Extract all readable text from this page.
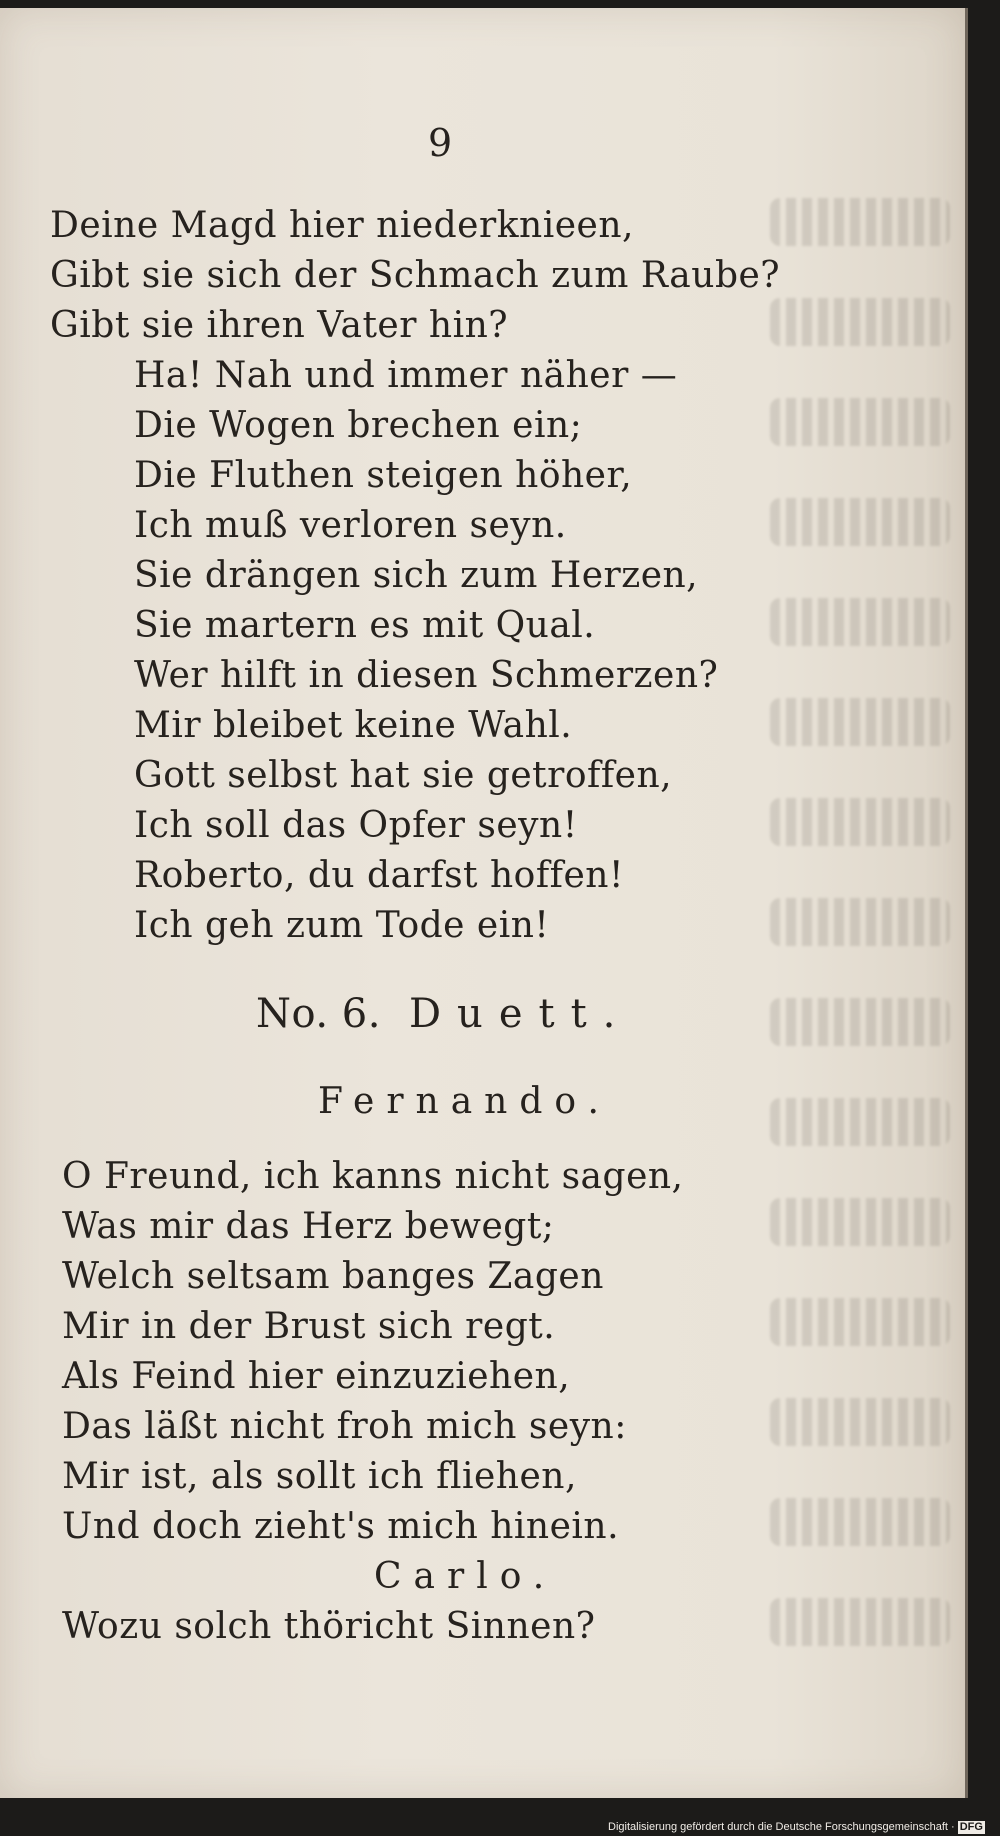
9
Deine Magd hier niederknieen,
Gibt sie sich der Schmach zum Raube?
Gibt sie ihren Vater hin?
Ha! Nah und immer näher —
Die Wogen brechen ein;
Die Fluthen steigen höher,
Ich muß verloren seyn.
Sie drängen sich zum Herzen,
Sie martern es mit Qual.
Wer hilft in diesen Schmerzen?
Mir bleibet keine Wahl.
Gott selbst hat sie getroffen,
Ich soll das Opfer seyn!
Roberto, du darfst hoffen!
Ich geh zum Tode ein!
No. 6. Duett.
Fernando.
O Freund, ich kanns nicht sagen,
Was mir das Herz bewegt;
Welch seltsam banges Zagen
Mir in der Brust sich regt.
Als Feind hier einzuziehen,
Das läßt nicht froh mich seyn:
Mir ist, als sollt ich fliehen,
Und doch zieht's mich hinein.
Carlo.
Wozu solch thöricht Sinnen?
Digitalisierung gefördert durch die Deutsche Forschungsgemeinschaft · DFG
